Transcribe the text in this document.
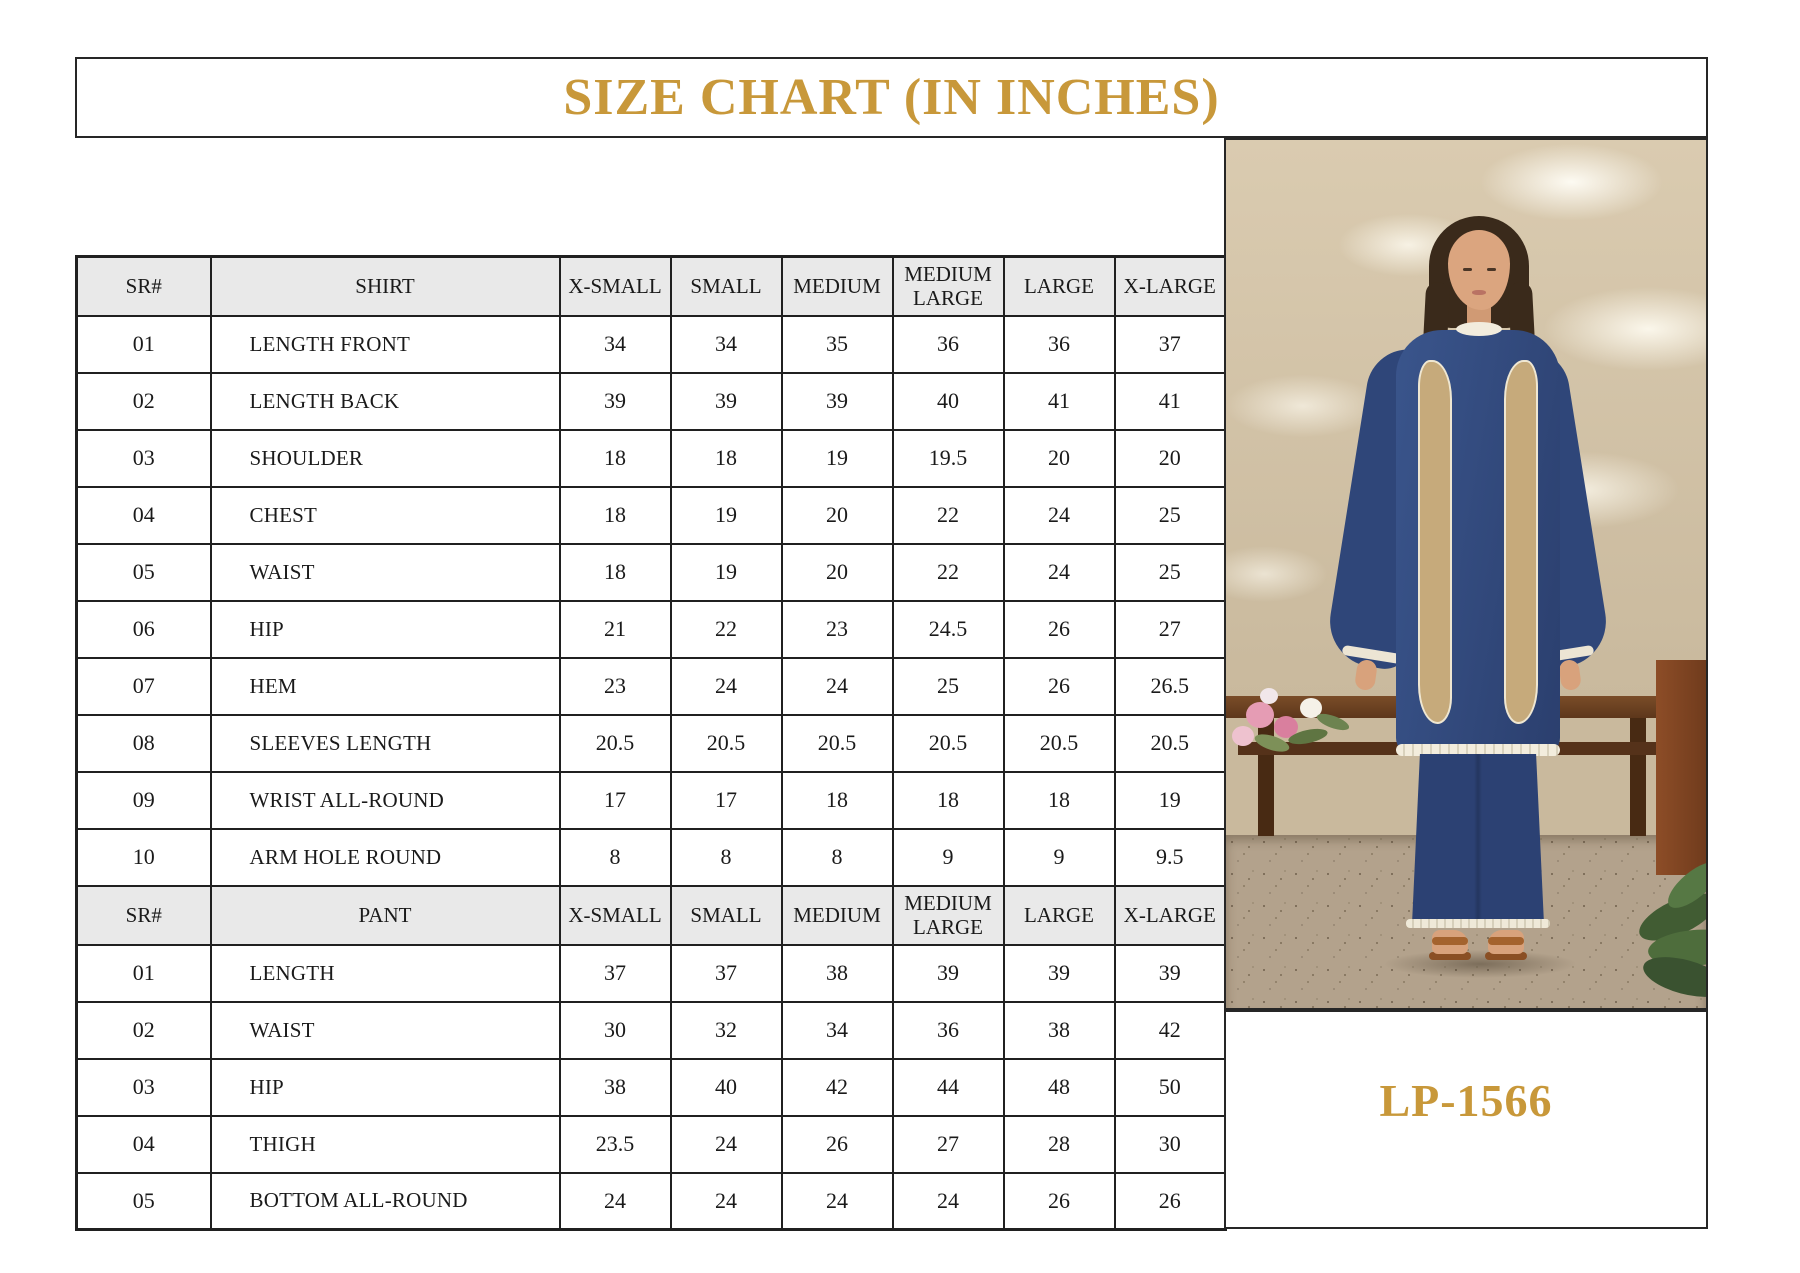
SIZE CHART (IN INCHES)
SR#	SHIRT	X-SMALL	SMALL	MEDIUM	MEDIUM LARGE	LARGE	X-LARGE
01	LENGTH FRONT	34	34	35	36	36	37
02	LENGTH BACK	39	39	39	40	41	41
03	SHOULDER	18	18	19	19.5	20	20
04	CHEST	18	19	20	22	24	25
05	WAIST	18	19	20	22	24	25
06	HIP	21	22	23	24.5	26	27
07	HEM	23	24	24	25	26	26.5
08	SLEEVES LENGTH	20.5	20.5	20.5	20.5	20.5	20.5
09	WRIST ALL-ROUND	17	17	18	18	18	19
10	ARM HOLE ROUND	8	8	8	9	9	9.5
SR#	PANT	X-SMALL	SMALL	MEDIUM	MEDIUM LARGE	LARGE	X-LARGE
01	LENGTH	37	37	38	39	39	39
02	WAIST	30	32	34	36	38	42
03	HIP	38	40	42	44	48	50
04	THIGH	23.5	24	26	27	28	30
05	BOTTOM ALL-ROUND	24	24	24	24	26	26
LP-1566
